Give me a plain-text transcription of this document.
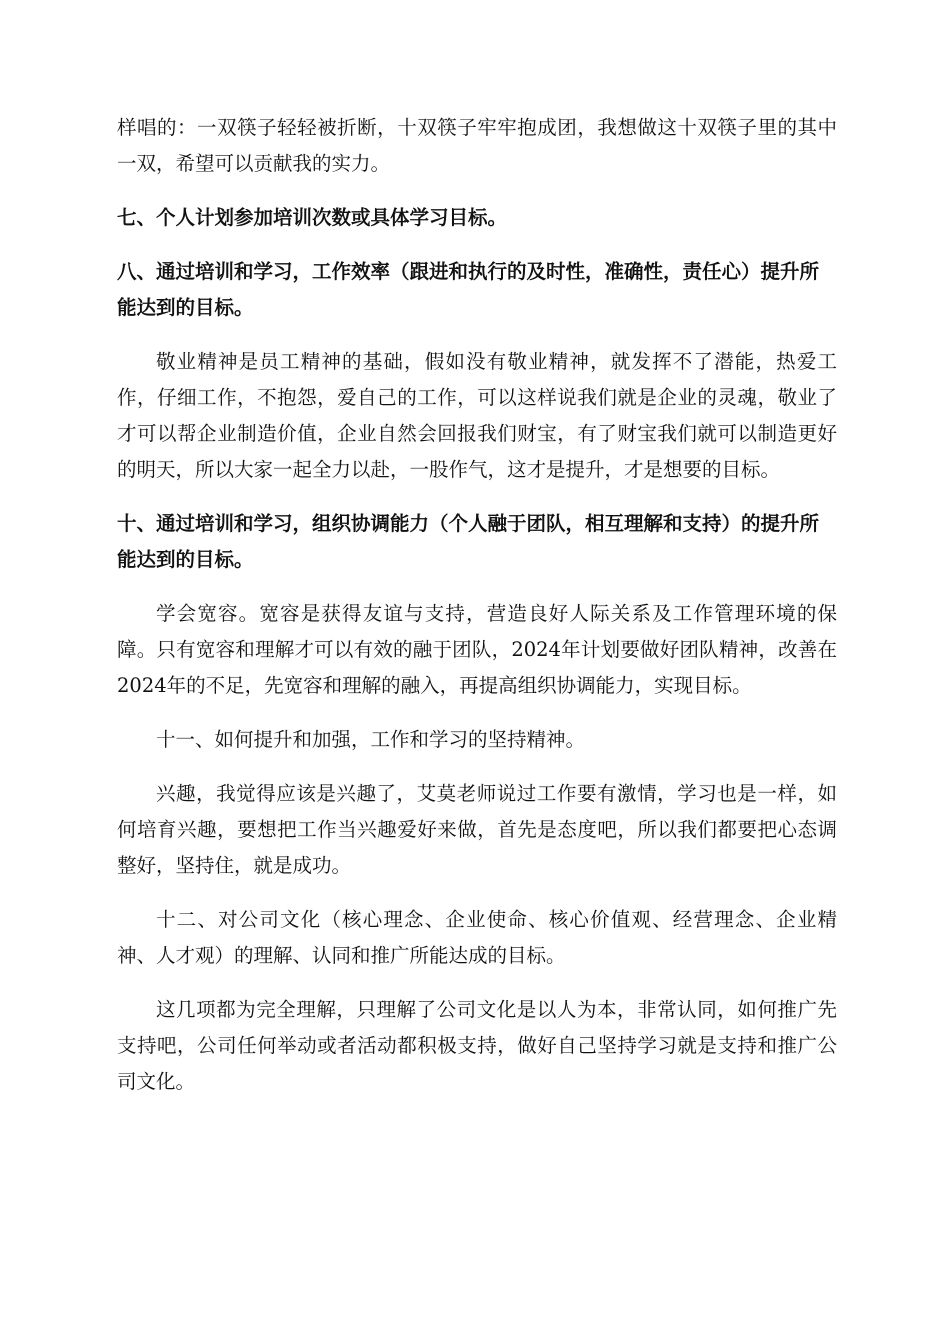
样唱的：一双筷子轻轻被折断，十双筷子牢牢抱成团，我想做这十双筷子里的其中一双，希望可以贡献我的实力。

七、个人计划参加培训次数或具体学习目标。

八、通过培训和学习，工作效率（跟进和执行的及时性，准确性，责任心）提升所能达到的目标。

敬业精神是员工精神的基础，假如没有敬业精神，就发挥不了潜能，热爱工作，仔细工作，不抱怨，爱自己的工作，可以这样说我们就是企业的灵魂，敬业了才可以帮企业制造价值，企业自然会回报我们财宝，有了财宝我们就可以制造更好的明天，所以大家一起全力以赴，一股作气，这才是提升，才是想要的目标。

十、通过培训和学习，组织协调能力（个人融于团队，相互理解和支持）的提升所能达到的目标。

学会宽容。宽容是获得友谊与支持，营造良好人际关系及工作管理环境的保障。只有宽容和理解才可以有效的融于团队，2024年计划要做好团队精神，改善在2024年的不足，先宽容和理解的融入，再提高组织协调能力，实现目标。

十一、如何提升和加强，工作和学习的坚持精神。

兴趣，我觉得应该是兴趣了，艾莫老师说过工作要有激情，学习也是一样，如何培育兴趣，要想把工作当兴趣爱好来做，首先是态度吧，所以我们都要把心态调整好，坚持住，就是成功。

十二、对公司文化（核心理念、企业使命、核心价值观、经营理念、企业精神、人才观）的理解、认同和推广所能达成的目标。

这几项都为完全理解，只理解了公司文化是以人为本，非常认同，如何推广先支持吧，公司任何举动或者活动都积极支持，做好自己坚持学习就是支持和推广公司文化。
